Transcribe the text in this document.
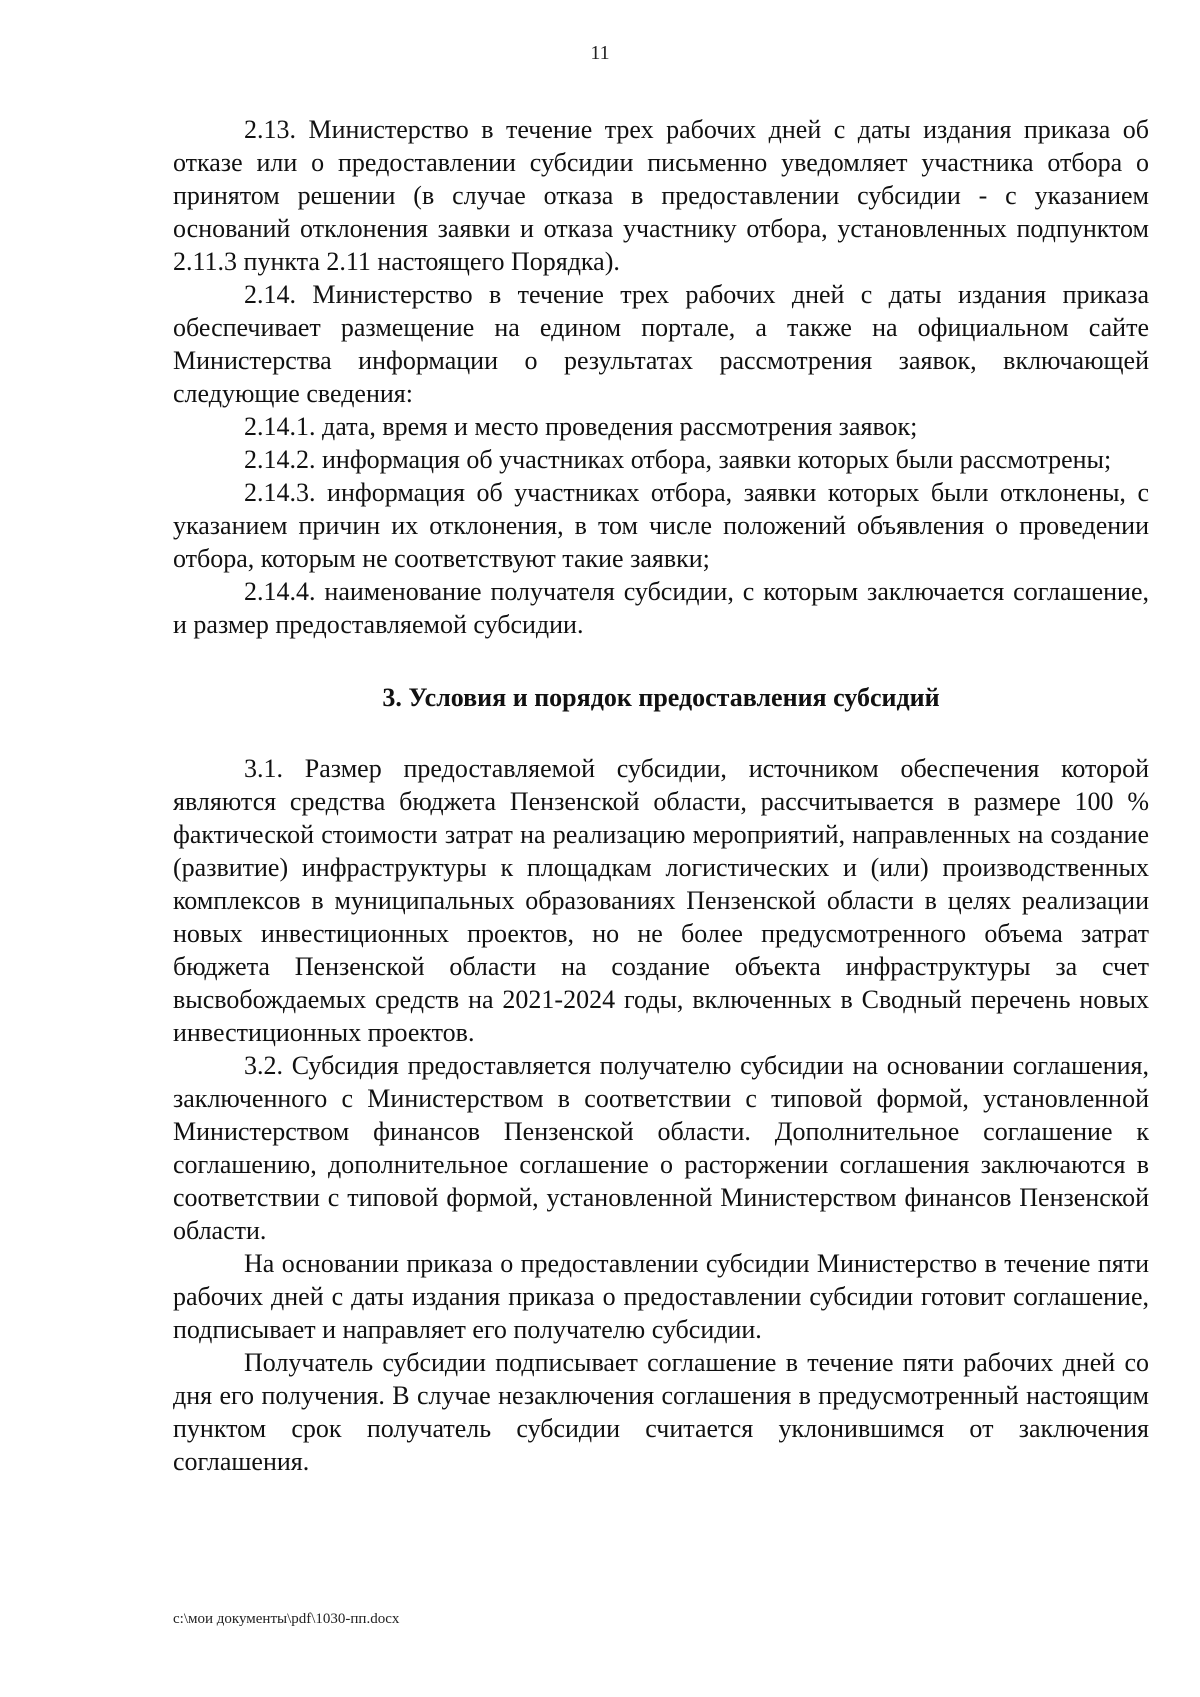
11

2.13. Министерство в течение трех рабочих дней с даты издания приказа об отказе или о предоставлении субсидии письменно уведомляет участника отбора о принятом решении (в случае отказа в предоставлении субсидии - с указанием оснований отклонения заявки и отказа участнику отбора, установленных подпунктом 2.11.3 пункта 2.11 настоящего Порядка).

2.14. Министерство в течение трех рабочих дней с даты издания приказа обеспечивает размещение на едином портале, а также на официальном сайте Министерства информации о результатах рассмотрения заявок, включающей следующие сведения:

2.14.1. дата, время и место проведения рассмотрения заявок;

2.14.2. информация об участниках отбора, заявки которых были рассмотрены;

2.14.3. информация об участниках отбора, заявки которых были отклонены, с указанием причин их отклонения, в том числе положений объявления о проведении отбора, которым не соответствуют такие заявки;

2.14.4. наименование получателя субсидии, с которым заключается соглашение, и размер предоставляемой субсидии.

3. Условия и порядок предоставления субсидий

3.1. Размер предоставляемой субсидии, источником обеспечения которой являются средства бюджета Пензенской области, рассчитывается в размере 100 % фактической стоимости затрат на реализацию мероприятий, направленных на создание (развитие) инфраструктуры к площадкам логистических и (или) производственных комплексов в муниципальных образованиях Пензенской области в целях реализации новых инвестиционных проектов, но не более предусмотренного объема затрат бюджета Пензенской области на создание объекта инфраструктуры за счет высвобождаемых средств на 2021-2024 годы, включенных в Сводный перечень новых инвестиционных проектов.

3.2. Субсидия предоставляется получателю субсидии на основании соглашения, заключенного с Министерством в соответствии с типовой формой, установленной Министерством финансов Пензенской области. Дополнительное соглашение к соглашению, дополнительное соглашение о расторжении соглашения заключаются в соответствии с типовой формой, установленной Министерством финансов Пензенской области.

На основании приказа о предоставлении субсидии Министерство в течение пяти рабочих дней с даты издания приказа о предоставлении субсидии готовит соглашение, подписывает и направляет его получателю субсидии.

Получатель субсидии подписывает соглашение в течение пяти рабочих дней со дня его получения. В случае незаключения соглашения в предусмотренный настоящим пунктом срок получатель субсидии считается уклонившимся от заключения соглашения.

c:\мои документы\pdf\1030-пп.docx
